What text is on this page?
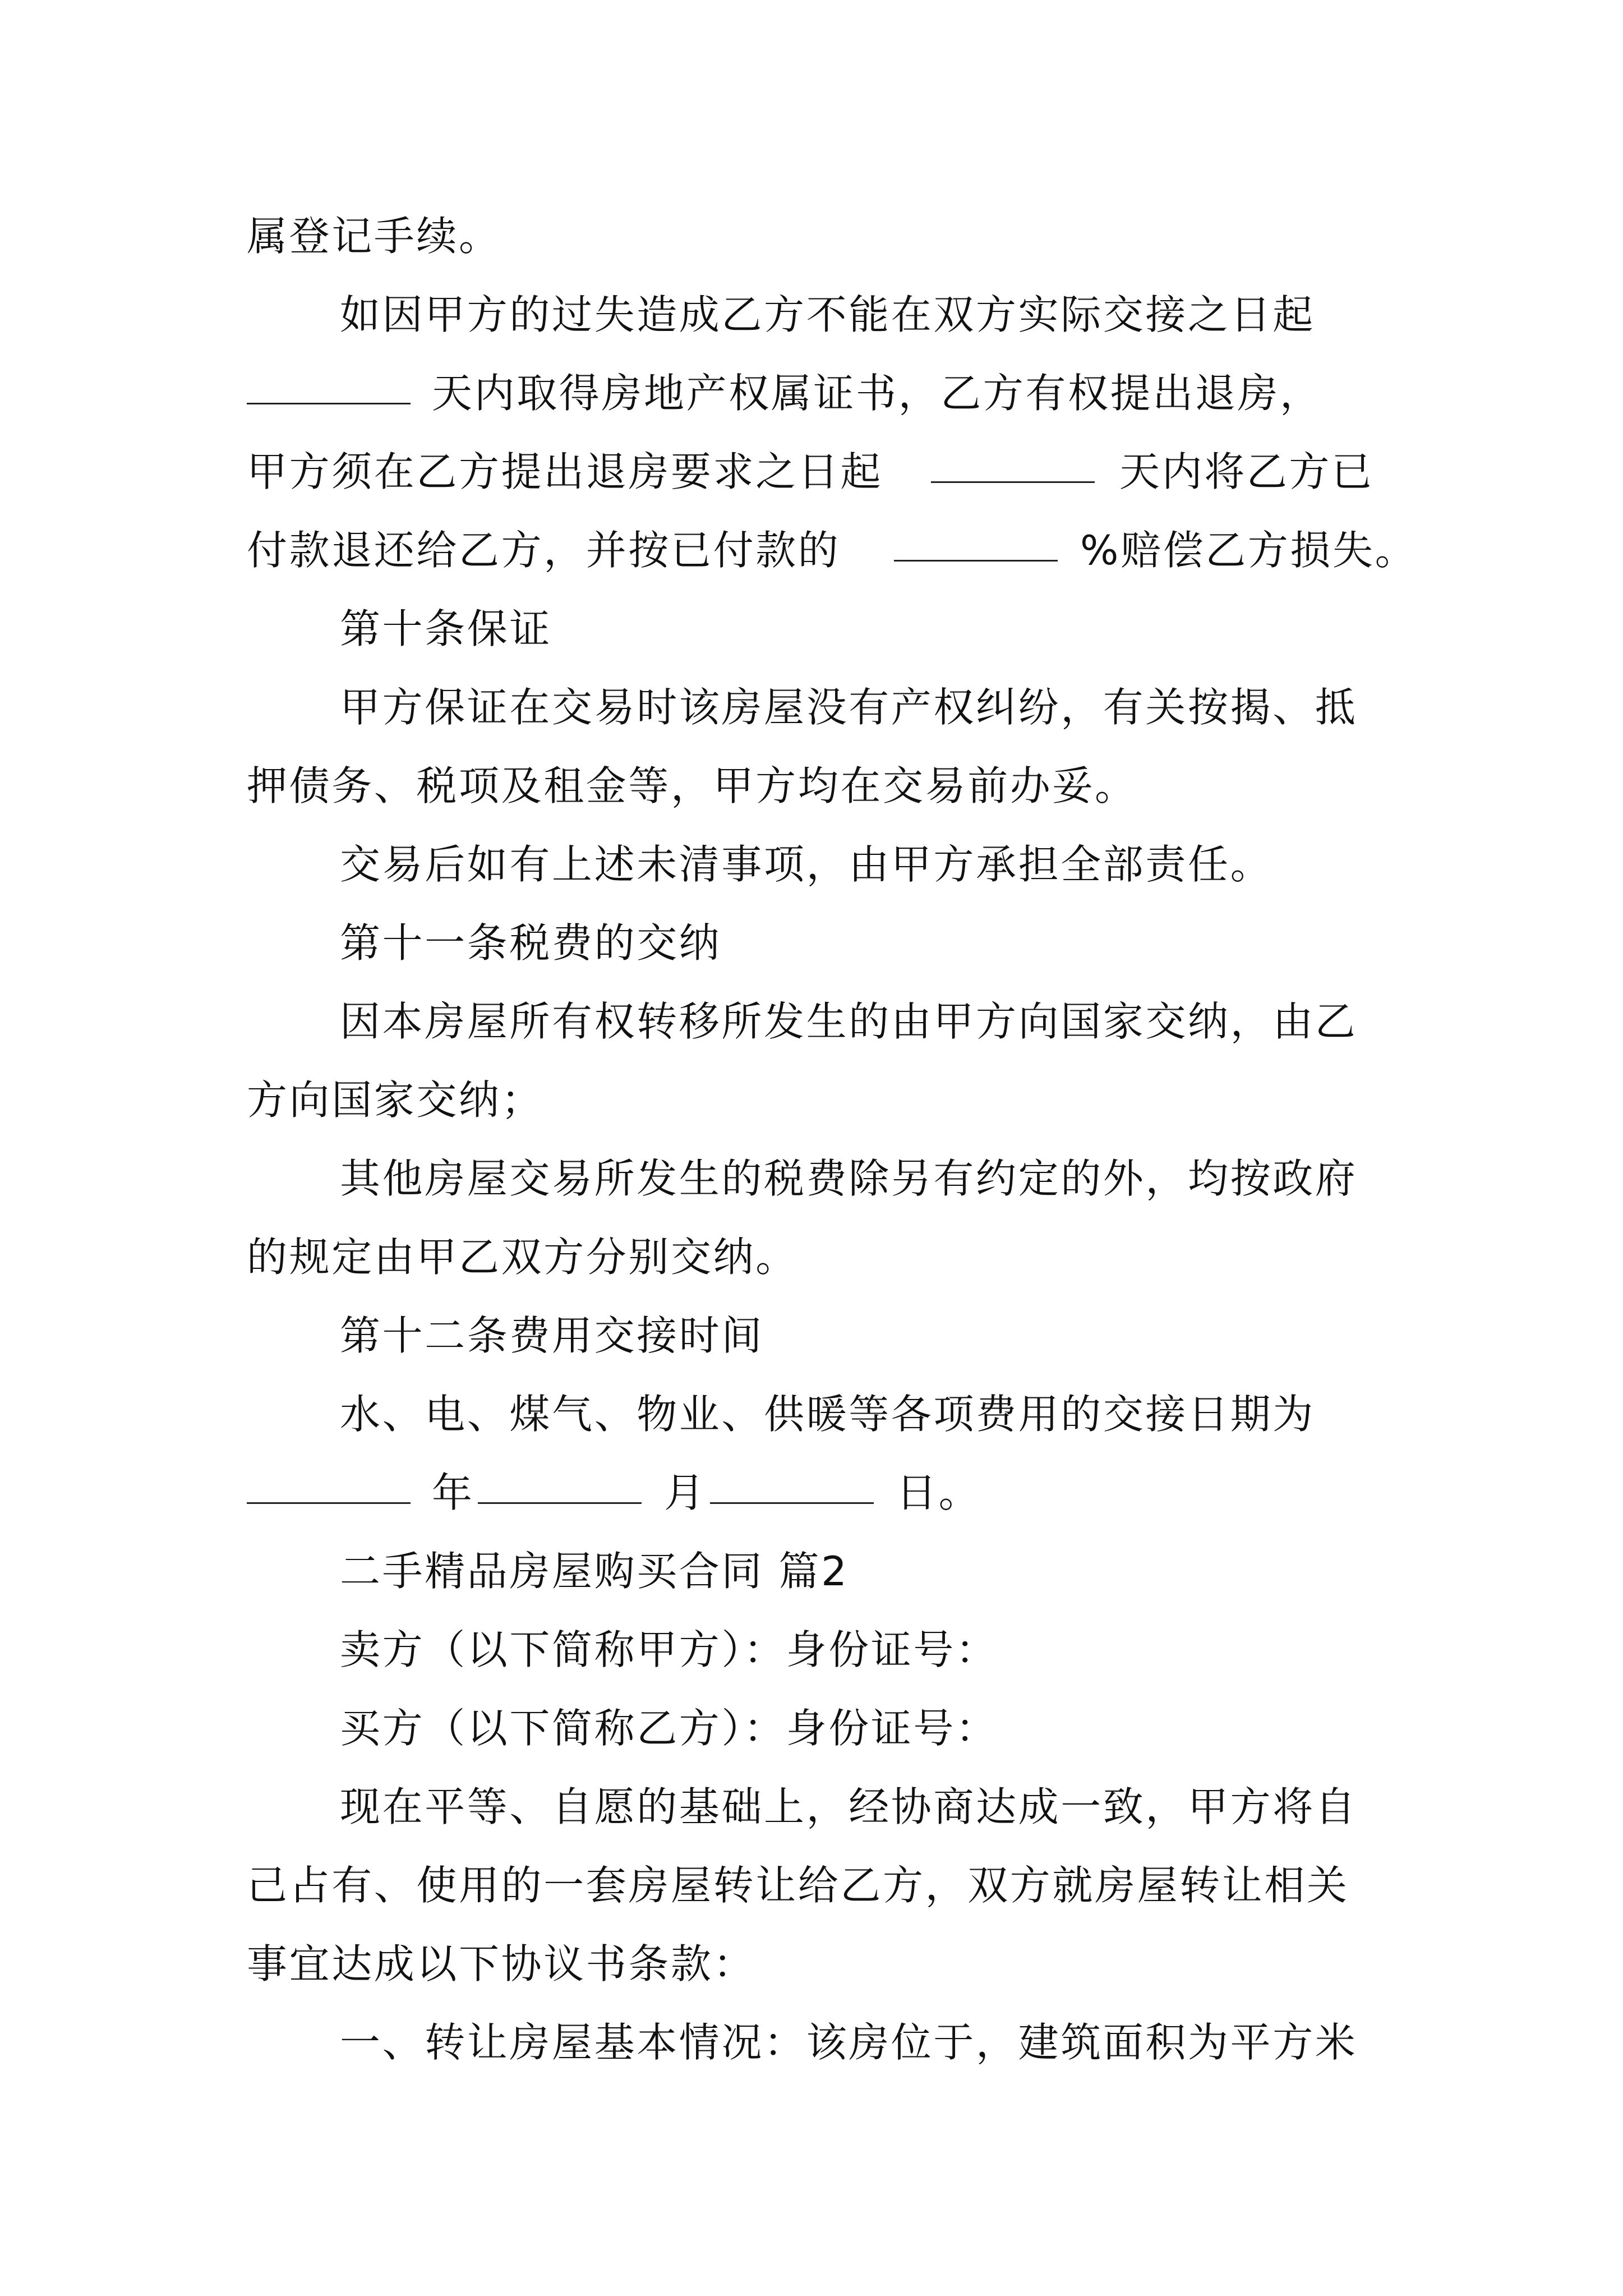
属登记手续。
如因甲方的过失造成乙方不能在双方实际交接之日起
天内取得房地产权属证书，乙方有权提出退房，
甲方须在乙方提出退房要求之日起	天内将乙方已
付款退还给乙方，并按已付款的	%赔偿乙方损失。
第十条保证
甲方保证在交易时该房屋没有产权纠纷，有关按揭、抵
押债务、税项及租金等，甲方均在交易前办妥。
交易后如有上述未清事项，由甲方承担全部责任。
第十一条税费的交纳
因本房屋所有权转移所发生的由甲方向国家交纳，由乙
方向国家交纳；
其他房屋交易所发生的税费除另有约定的外，均按政府
的规定由甲乙双方分别交纳。
第十二条费用交接时间
水、电、煤气、物业、供暖等各项费用的交接日期为
年	月	日。
二手精品房屋购买合同 篇2
卖方（以下简称甲方）：身份证号：
买方（以下简称乙方）：身份证号：
现在平等、自愿的基础上，经协商达成一致，甲方将自
己占有、使用的一套房屋转让给乙方，双方就房屋转让相关
事宜达成以下协议书条款：
一、转让房屋基本情况：该房位于，建筑面积为平方米
